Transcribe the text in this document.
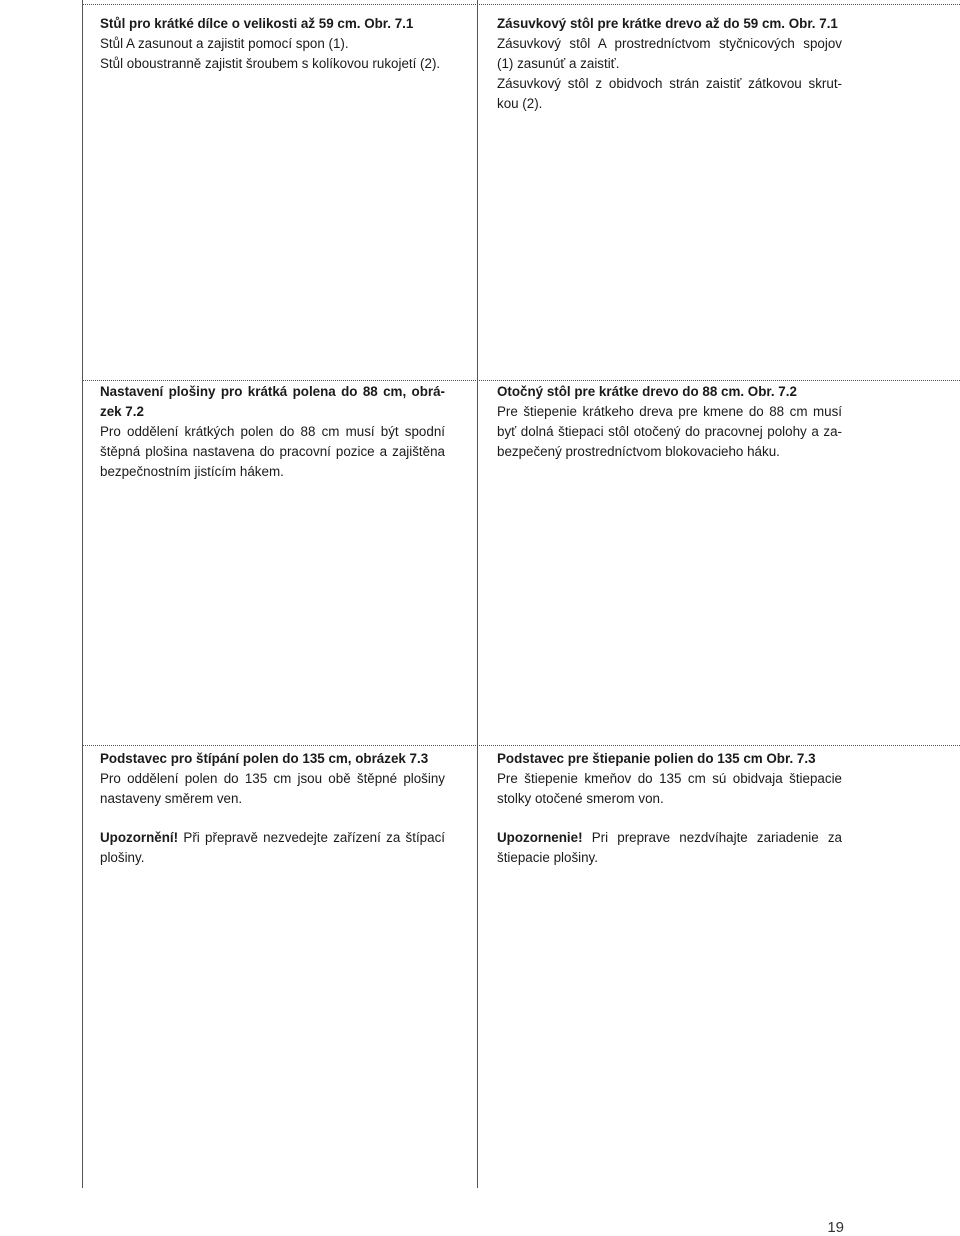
Stůl pro krátké dílce o velikosti až 59 cm. Obr. 7.1

Stůl A zasunout a zajistit pomocí spon (1).

Stůl oboustranně zajistit šroubem s kolíkovou rukojetí (2).

Zásuvkový stôl pre krátke drevo až do 59 cm. Obr. 7.1

Zásuvkový stôl A prostredníctvom styčnicových spojov

(1) zasunúť a zaistiť.

Zásuvkový stôl z obidvoch strán zaistiť zátkovou skrut-

kou (2).

Nastavení plošiny pro krátká polena do 88 cm, obrá-

zek 7.2

Pro oddělení krátkých polen do 88 cm musí být spodní

štěpná plošina nastavena do pracovní pozice a zajištěna

bezpečnostním jistícím hákem.

Otočný stôl pre krátke drevo do 88 cm. Obr. 7.2

Pre štiepenie krátkeho dreva pre kmene do 88 cm musí

byť dolná štiepaci stôl otočený do pracovnej polohy a za-

bezpečený prostredníctvom blokovacieho háku.

Podstavec pro štípání polen do 135 cm, obrázek 7.3

Pro oddělení polen do 135 cm jsou obě štěpné plošiny

nastaveny směrem ven.

Upozornění! Při přepravě nezvedejte zařízení za štípací

plošiny.

Podstavec pre štiepanie polien do 135 cm Obr. 7.3

Pre štiepenie kmeňov do 135 cm sú obidvaja štiepacie

stolky otočené smerom von.

Upozornenie! Pri preprave nezdvíhajte zariadenie za

štiepacie plošiny.

19
